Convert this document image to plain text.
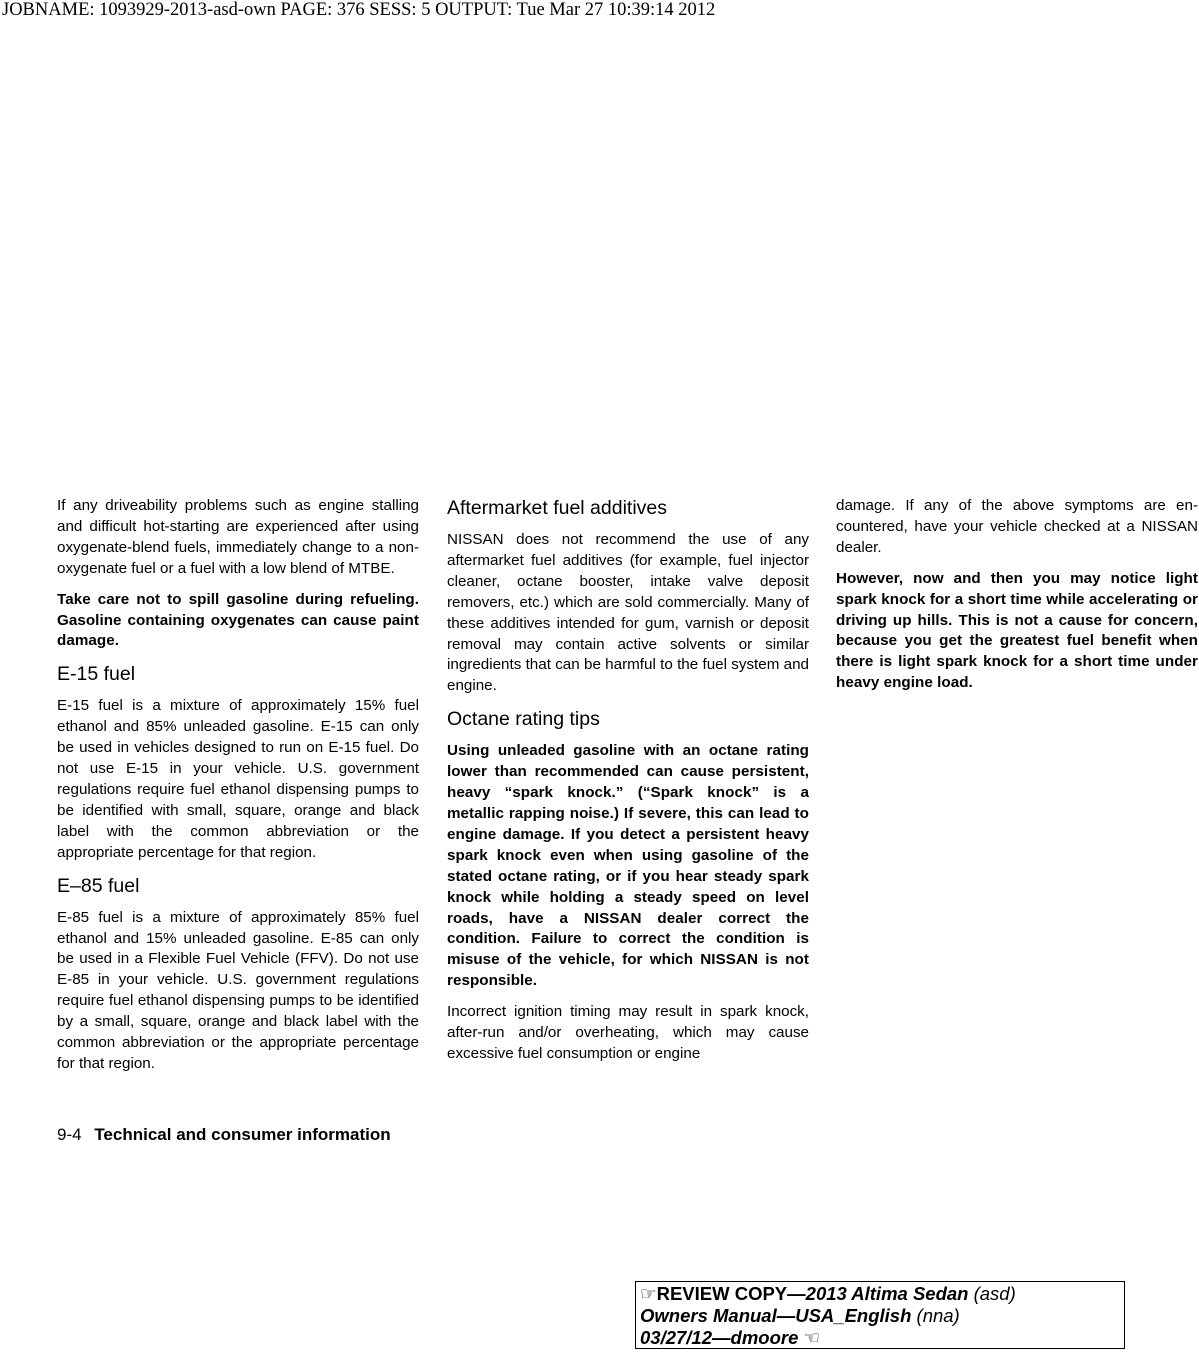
JOBNAME: 1093929-2013-asd-own PAGE: 376 SESS: 5 OUTPUT: Tue Mar 27 10:39:14 2012

If any driveability problems such as engine stalling and difficult hot-starting are experienced after using oxygenate-blend fuels, immediately change to a non-oxygenate fuel or a fuel with a low blend of MTBE.

Take care not to spill gasoline during refueling. Gasoline containing oxygenates can cause paint damage.

E-15 fuel

E-15 fuel is a mixture of approximately 15% fuel ethanol and 85% unleaded gasoline. E-15 can only be used in vehicles designed to run on E-15 fuel. Do not use E-15 in your vehicle. U.S. government regulations require fuel ethanol dispensing pumps to be identified with small, square, orange and black label with the common abbreviation or the appropriate percentage for that region.

E–85 fuel

E-85 fuel is a mixture of approximately 85% fuel ethanol and 15% unleaded gasoline. E-85 can only be used in a Flexible Fuel Vehicle (FFV). Do not use E-85 in your vehicle. U.S. government regulations require fuel ethanol dispensing pumps to be identified by a small, square, orange and black label with the common abbreviation or the appropriate percentage for that region.

Aftermarket fuel additives

NISSAN does not recommend the use of any aftermarket fuel additives (for example, fuel injector cleaner, octane booster, intake valve deposit removers, etc.) which are sold commercially. Many of these additives intended for gum, varnish or deposit removal may contain active solvents or similar ingredients that can be harmful to the fuel system and engine.

Octane rating tips

Using unleaded gasoline with an octane rating lower than recommended can cause persistent, heavy “spark knock.” (“Spark knock” is a metallic rapping noise.) If severe, this can lead to engine damage. If you detect a persistent heavy spark knock even when using gasoline of the stated octane rating, or if you hear steady spark knock while holding a steady speed on level roads, have a NISSAN dealer correct the condition. Failure to correct the condition is misuse of the vehicle, for which NISSAN is not responsible.

Incorrect ignition timing may result in spark knock, after-run and/or overheating, which may cause excessive fuel consumption or engine

damage. If any of the above symptoms are encountered, have your vehicle checked at a NISSAN dealer.

However, now and then you may notice light spark knock for a short time while accelerating or driving up hills. This is not a cause for concern, because you get the greatest fuel benefit when there is light spark knock for a short time under heavy engine load.

9-4 Technical and consumer information
☞REVIEW COPY—2013 Altima Sedan (asd)
Owners Manual—USA_English (nna)
03/27/12—dmoore ☜
